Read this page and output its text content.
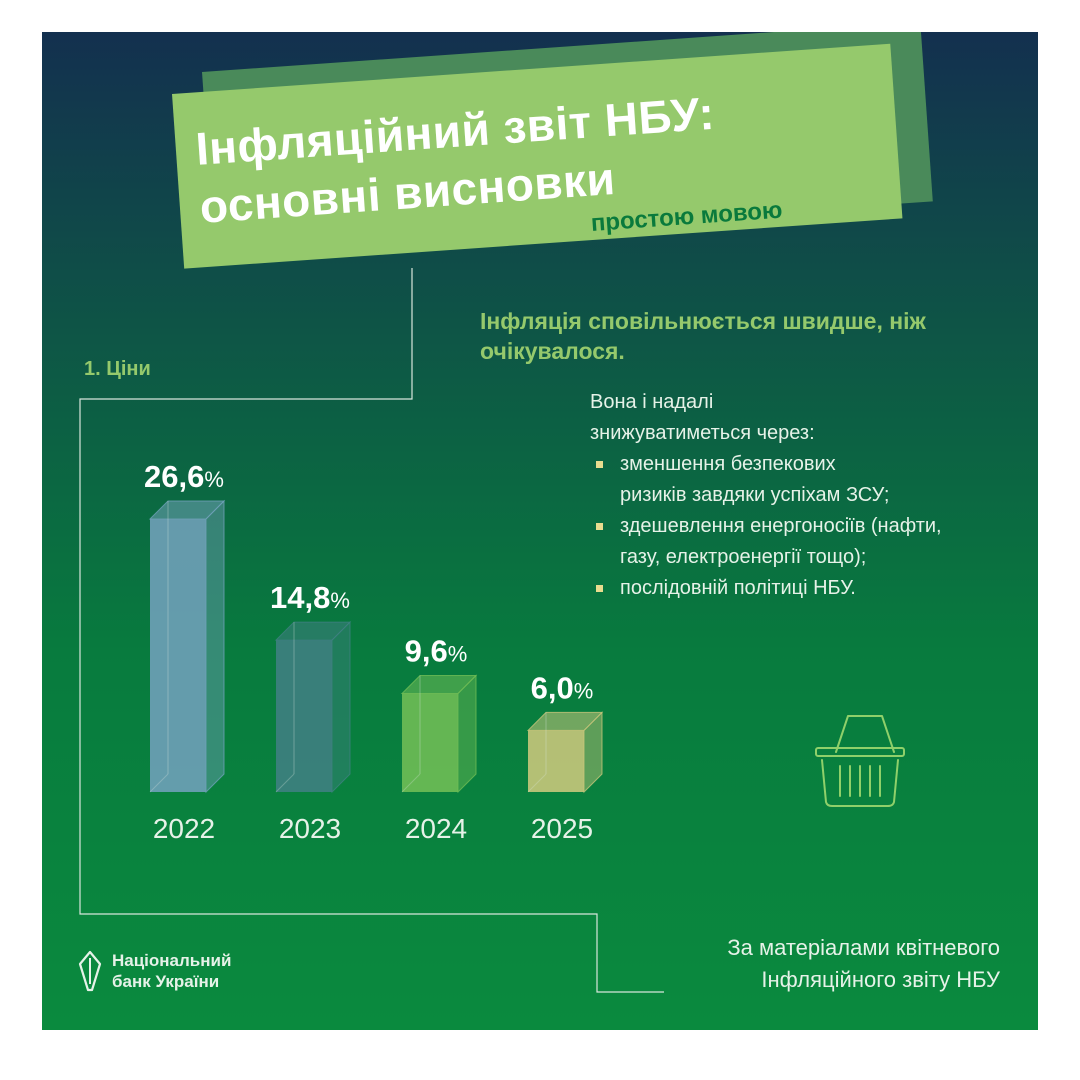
Інфляційний звіт НБУ:
основні висновки
простою мовою
Інфляція сповільнюється швидше, ніж очікувалося.
1. Ціни
Вона і надалі знижуватиметься через:
зменшення безпекових ризиків завдяки успіхам ЗСУ;
здешевлення енергоносіїв (нафти, газу, електроенергії тощо);
послідовній політиці НБУ.
26,6%
2022
14,8%
2023
9,6%
2024
6,0%
2025
За матеріалами квітневого
Інфляційного звіту НБУ
Національний
банк України
